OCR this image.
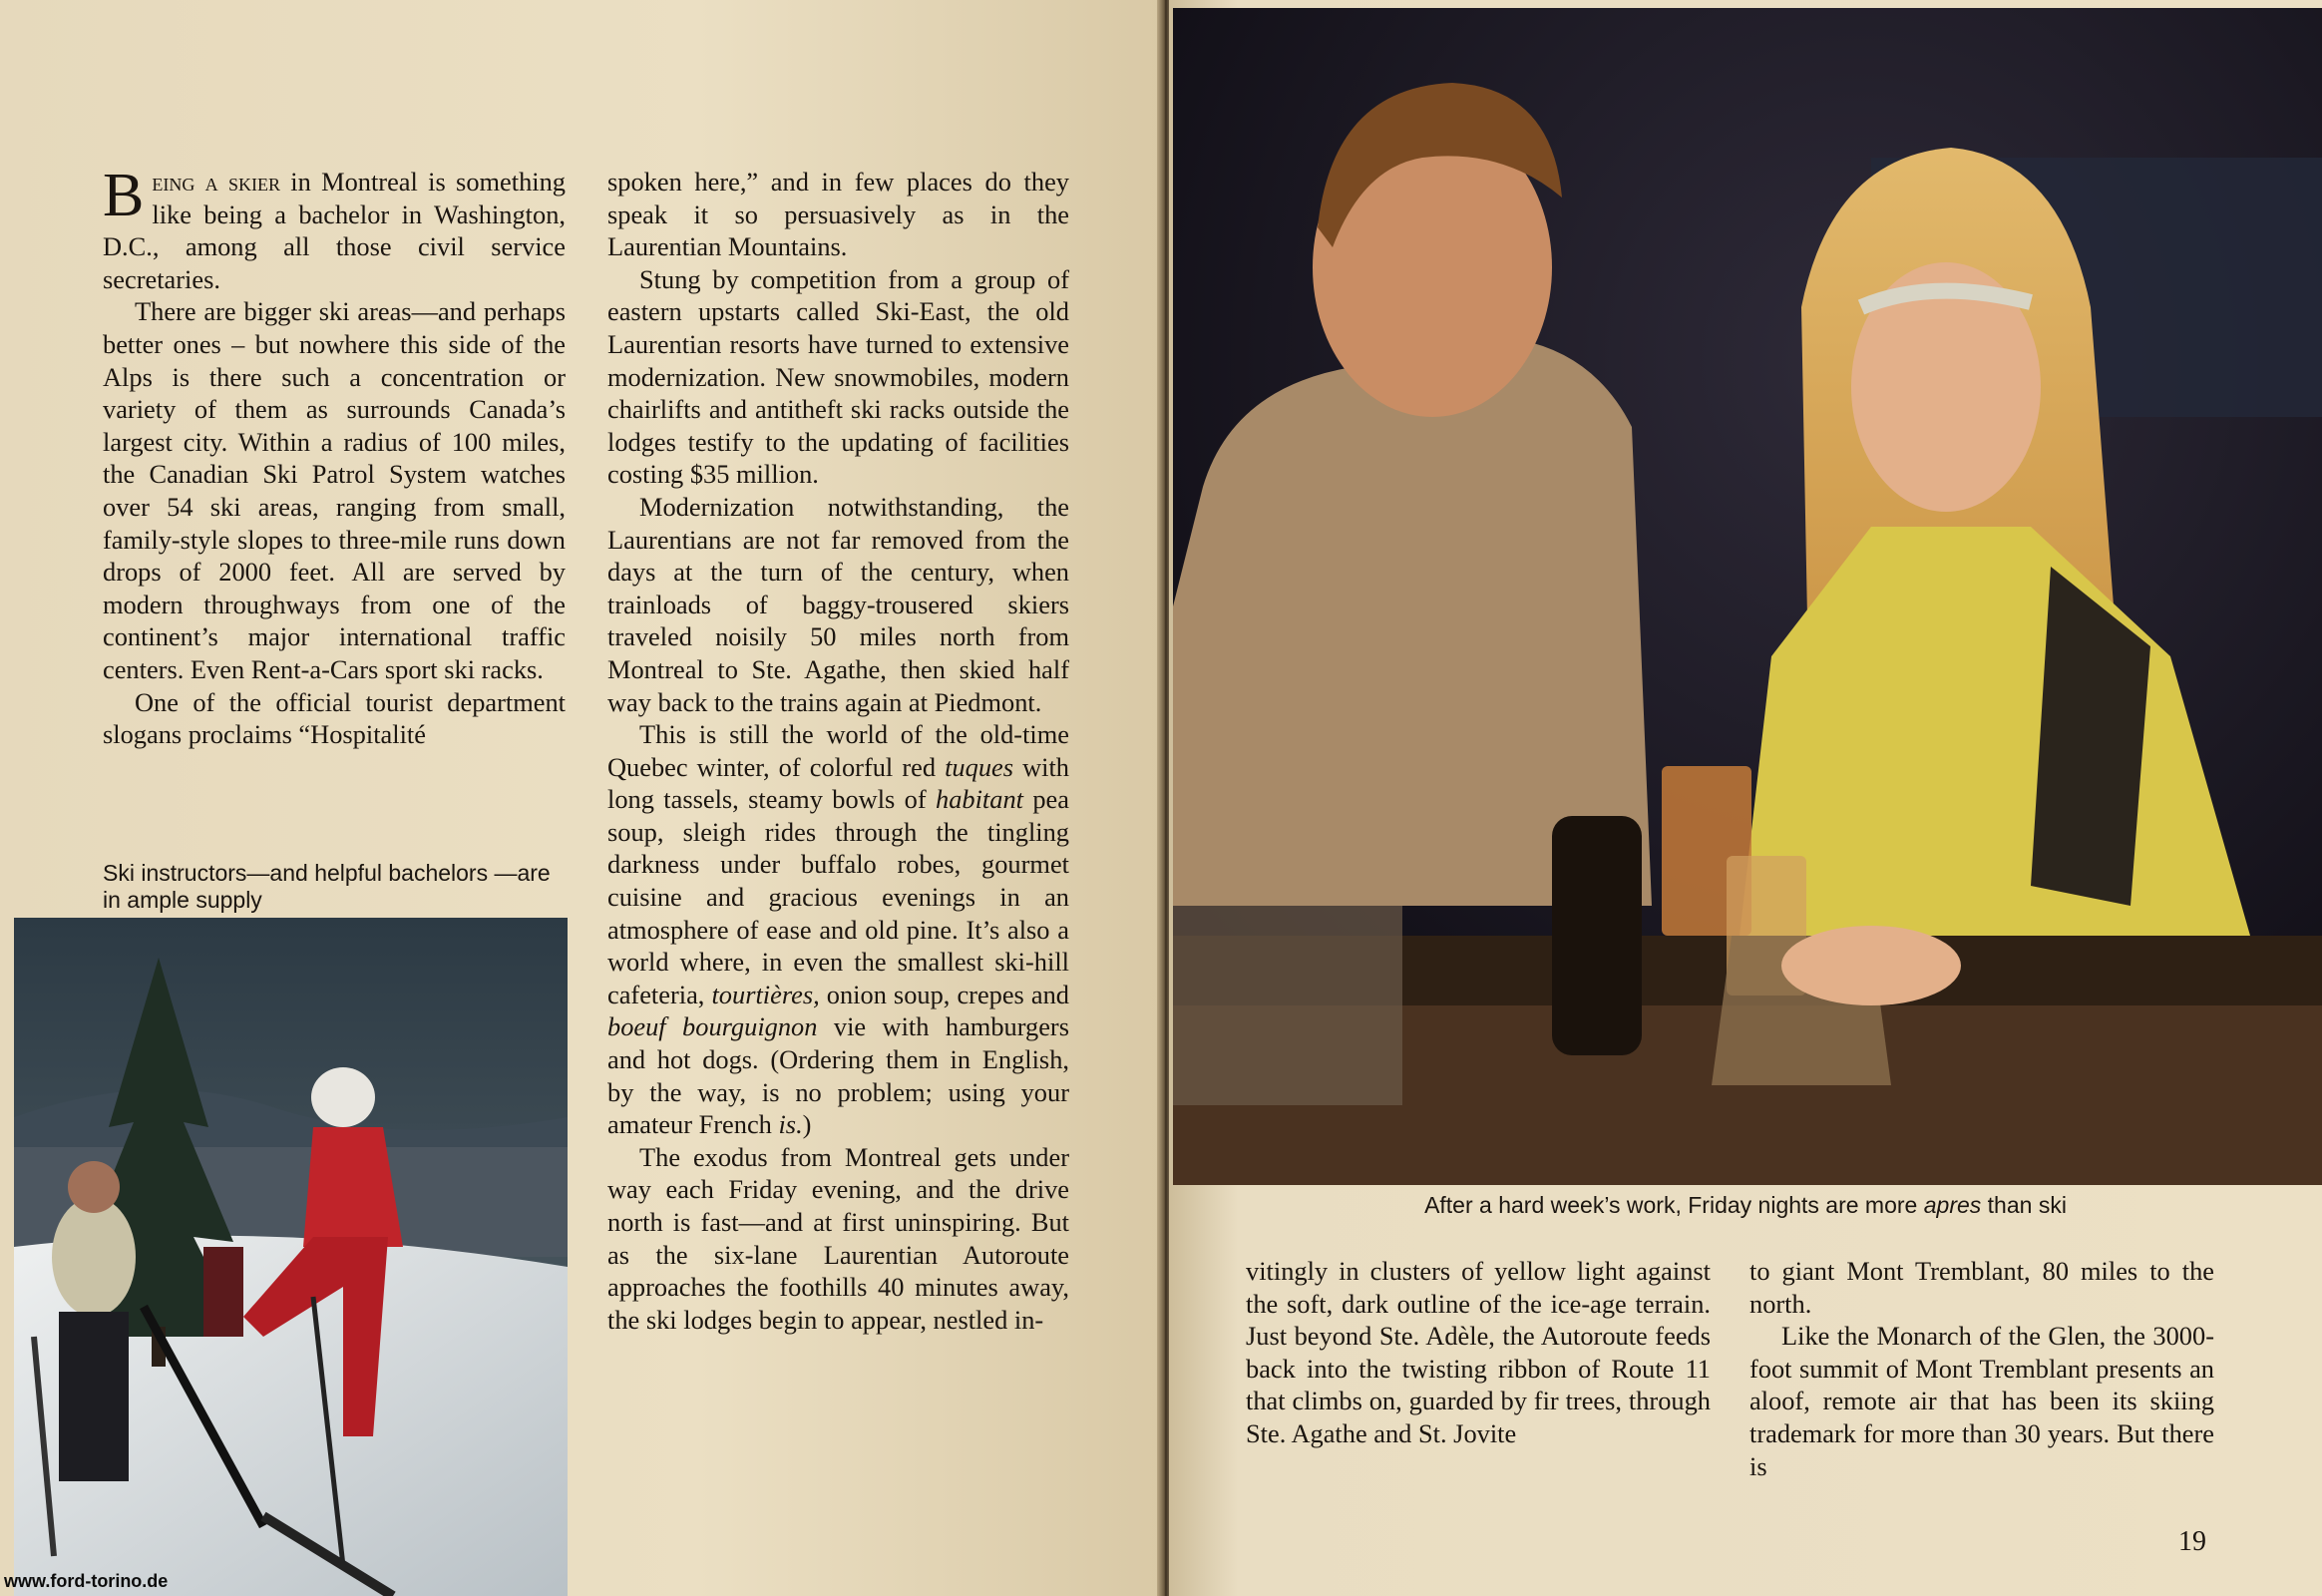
Being a skier in Montreal is something like being a bachelor in Washington, D.C., among all those civil service secretaries.

There are bigger ski areas—and perhaps better ones – but nowhere this side of the Alps is there such a concentration or variety of them as surrounds Canada’s largest city. Within a radius of 100 miles, the Canadian Ski Patrol System watches over 54 ski areas, ranging from small, family-style slopes to three-mile runs down drops of 2000 feet. All are served by modern throughways from one of the continent’s major international traffic centers. Even Rent-a-Cars sport ski racks.

One of the official tourist department slogans proclaims “Hospitalité

Ski instructors—and helpful bachelors —are in ample supply

spoken here,” and in few places do they speak it so persuasively as in the Laurentian Mountains.

Stung by competition from a group of eastern upstarts called Ski-East, the old Laurentian resorts have turned to extensive modernization. New snowmobiles, modern chairlifts and antitheft ski racks outside the lodges testify to the updating of facilities costing $35 million.

Modernization notwithstanding, the Laurentians are not far removed from the days at the turn of the century, when trainloads of baggy-trousered skiers traveled noisily 50 miles north from Montreal to Ste. Agathe, then skied half way back to the trains again at Piedmont.

This is still the world of the old-time Quebec winter, of colorful red tuques with long tassels, steamy bowls of habitant pea soup, sleigh rides through the tingling darkness under buffalo robes, gourmet cuisine and gracious evenings in an atmosphere of ease and old pine. It’s also a world where, in even the smallest ski-hill cafeteria, tourtières, onion soup, crepes and boeuf bourguignon vie with hamburgers and hot dogs. (Ordering them in English, by the way, is no problem; using your amateur French is.)

The exodus from Montreal gets under way each Friday evening, and the drive north is fast—and at first uninspiring. But as the six-lane Laurentian Autoroute approaches the foothills 40 minutes away, the ski lodges begin to appear, nestled in-

www.ford-torino.de
After a hard week’s work, Friday nights are more apres than ski

vitingly in clusters of yellow light against the soft, dark outline of the ice-age terrain. Just beyond Ste. Adèle, the Autoroute feeds back into the twisting ribbon of Route 11 that climbs on, guarded by fir trees, through Ste. Agathe and St. Jovite

to giant Mont Tremblant, 80 miles to the north.

Like the Monarch of the Glen, the 3000-foot summit of Mont Tremblant presents an aloof, remote air that has been its skiing trademark for more than 30 years. But there is

19
